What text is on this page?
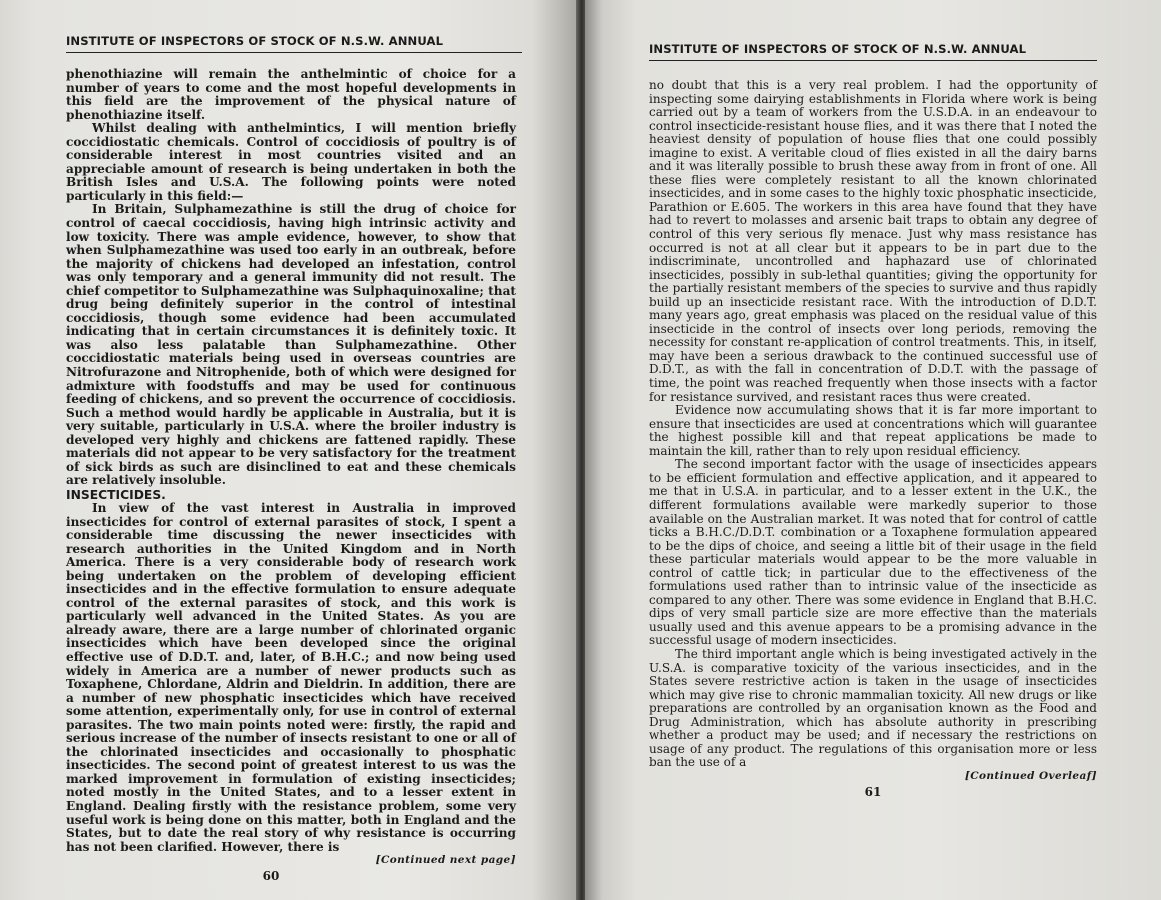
INSTITUTE OF INSPECTORS OF STOCK OF N.S.W. ANNUAL

phenothiazine will remain the anthelmintic of choice for a number of years to come and the most hopeful developments in this field are the improvement of the physical nature of phenothiazine itself.

Whilst dealing with anthelmintics, I will mention briefly coccidiostatic chemicals. Control of coccidiosis of poultry is of considerable interest in most countries visited and an appreciable amount of research is being undertaken in both the British Isles and U.S.A. The following points were noted particularly in this field:—

In Britain, Sulphamezathine is still the drug of choice for control of caecal coccidiosis, having high intrinsic activity and low toxicity. There was ample evidence, however, to show that when Sulphamezathine was used too early in an outbreak, before the majority of chickens had developed an infestation, control was only temporary and a general immunity did not result. The chief competitor to Sulphamezathine was Sulphaquinoxaline; that drug being definitely superior in the control of intestinal coccidiosis, though some evidence had been accumulated indicating that in certain circumstances it is definitely toxic. It was also less palatable than Sulphamezathine. Other coccidiostatic materials being used in overseas countries are Nitrofurazone and Nitrophenide, both of which were designed for admixture with foodstuffs and may be used for continuous feeding of chickens, and so prevent the occurrence of coccidiosis. Such a method would hardly be applicable in Australia, but it is very suitable, particularly in U.S.A. where the broiler industry is developed very highly and chickens are fattened rapidly. These materials did not appear to be very satisfactory for the treatment of sick birds as such are disinclined to eat and these chemicals are relatively insoluble.

INSECTICIDES.

In view of the vast interest in Australia in improved insecticides for control of external parasites of stock, I spent a considerable time discussing the newer insecticides with research authorities in the United Kingdom and in North America. There is a very considerable body of research work being undertaken on the problem of developing efficient insecticides and in the effective formulation to ensure adequate control of the external parasites of stock, and this work is particularly well advanced in the United States. As you are already aware, there are a large number of chlorinated organic insecticides which have been developed since the original effective use of D.D.T. and, later, of B.H.C.; and now being used widely in America are a number of newer products such as Toxaphene, Chlordane, Aldrin and Dieldrin. In addition, there are a number of new phosphatic insecticides which have received some attention, experimentally only, for use in control of external parasites. The two main points noted were: firstly, the rapid and serious increase of the number of insects resistant to one or all of the chlorinated insecticides and occasionally to phosphatic insecticides. The second point of greatest interest to us was the marked improvement in formulation of existing insecticides; noted mostly in the United States, and to a lesser extent in England. Dealing firstly with the resistance problem, some very useful work is being done on this matter, both in England and the States, but to date the real story of why resistance is occurring has not been clarified. However, there is

[Continued next page]
60
INSTITUTE OF INSPECTORS OF STOCK OF N.S.W. ANNUAL

no doubt that this is a very real problem. I had the opportunity of inspecting some dairying establishments in Florida where work is being carried out by a team of workers from the U.S.D.A. in an endeavour to control insecticide-resistant house flies, and it was there that I noted the heaviest density of population of house flies that one could possibly imagine to exist. A veritable cloud of flies existed in all the dairy barns and it was literally possible to brush these away from in front of one. All these flies were completely resistant to all the known chlorinated insecticides, and in some cases to the highly toxic phosphatic insecticide, Parathion or E.605. The workers in this area have found that they have had to revert to molasses and arsenic bait traps to obtain any degree of control of this very serious fly menace. Just why mass resistance has occurred is not at all clear but it appears to be in part due to the indiscriminate, uncontrolled and haphazard use of chlorinated insecticides, possibly in sub-lethal quantities; giving the opportunity for the partially resistant members of the species to survive and thus rapidly build up an insecticide resistant race. With the introduction of D.D.T. many years ago, great emphasis was placed on the residual value of this insecticide in the control of insects over long periods, removing the necessity for constant re-application of control treatments. This, in itself, may have been a serious drawback to the continued successful use of D.D.T., as with the fall in concentration of D.D.T. with the passage of time, the point was reached frequently when those insects with a factor for resistance survived, and resistant races thus were created.

Evidence now accumulating shows that it is far more important to ensure that insecticides are used at concentrations which will guarantee the highest possible kill and that repeat applications be made to maintain the kill, rather than to rely upon residual efficiency.

The second important factor with the usage of insecticides appears to be efficient formulation and effective application, and it appeared to me that in U.S.A. in particular, and to a lesser extent in the U.K., the different formulations available were markedly superior to those available on the Australian market. It was noted that for control of cattle ticks a B.H.C./D.D.T. combination or a Toxaphene formulation appeared to be the dips of choice, and seeing a little bit of their usage in the field these particular materials would appear to be the more valuable in control of cattle tick; in particular due to the effectiveness of the formulations used rather than to intrinsic value of the insecticide as compared to any other. There was some evidence in England that B.H.C. dips of very small particle size are more effective than the materials usually used and this avenue appears to be a promising advance in the successful usage of modern insecticides.

The third important angle which is being investigated actively in the U.S.A. is comparative toxicity of the various insecticides, and in the States severe restrictive action is taken in the usage of insecticides which may give rise to chronic mammalian toxicity. All new drugs or like preparations are controlled by an organisation known as the Food and Drug Administration, which has absolute authority in prescribing whether a product may be used; and if necessary the restrictions on usage of any product. The regulations of this organisation more or less ban the use of a

[Continued Overleaf]
61
